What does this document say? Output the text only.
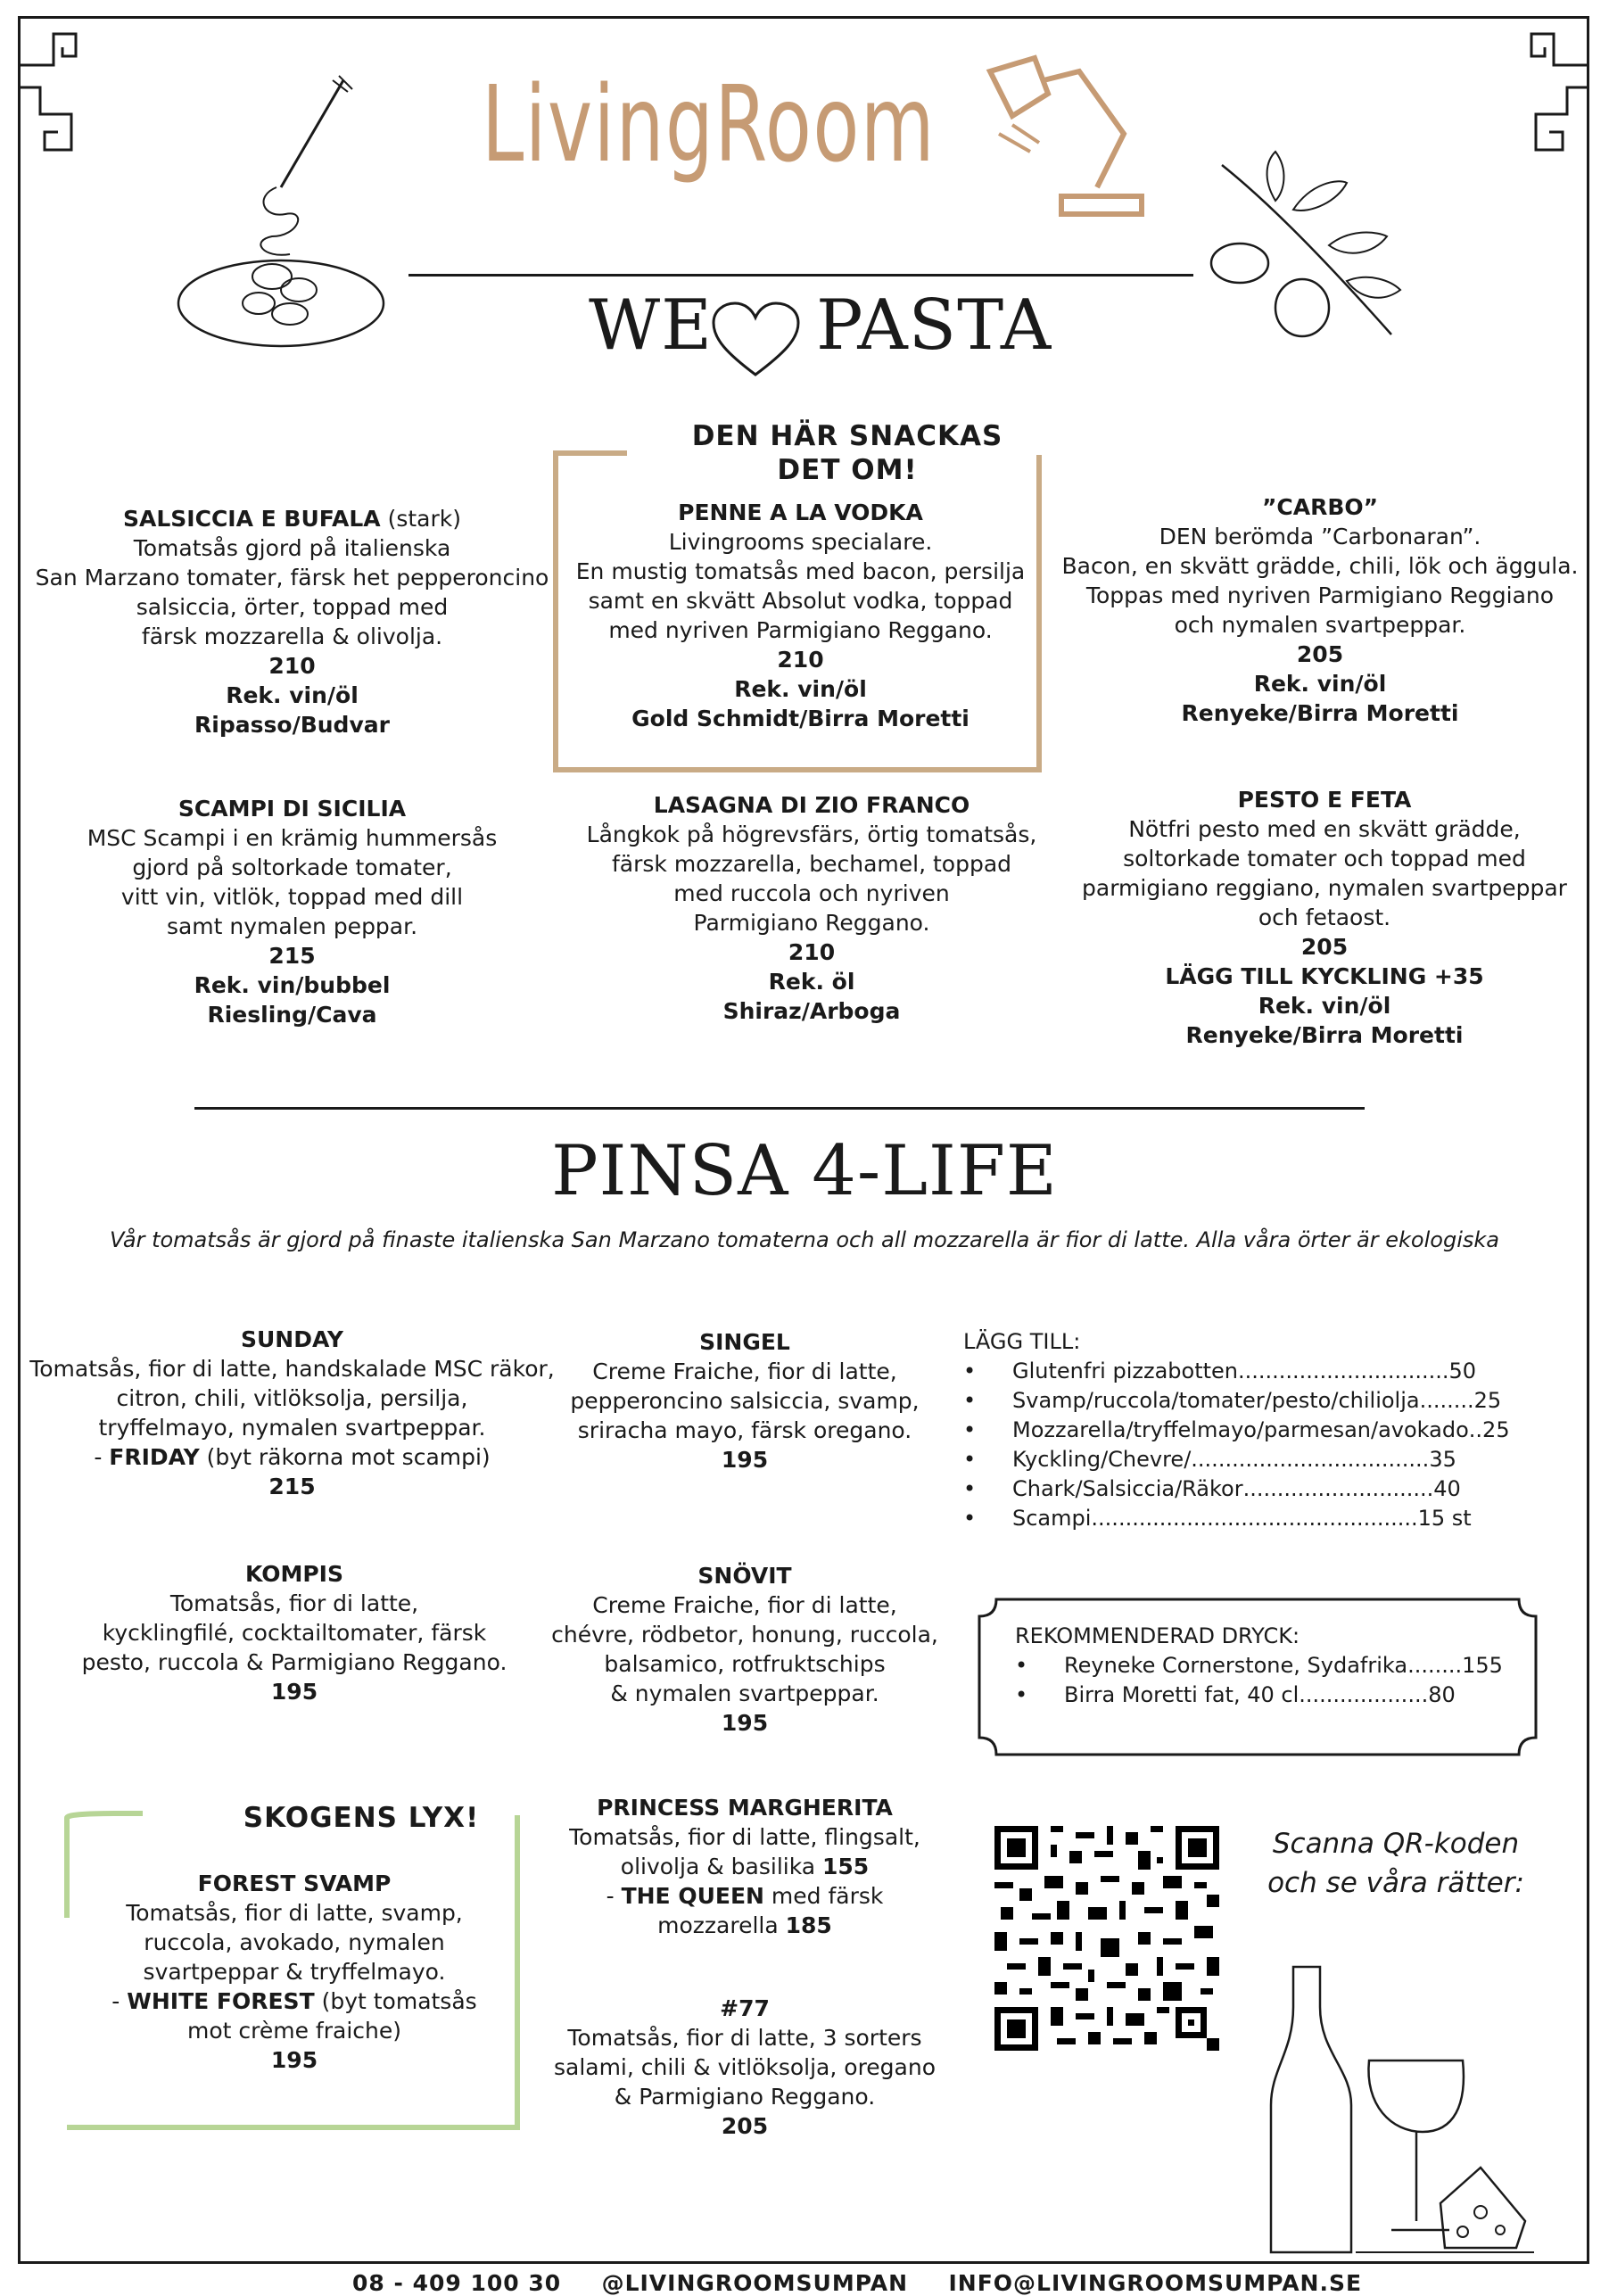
LivingRoom
WE PASTA
DEN HÄR SNACKAS
DET OM!
SALSICCIA E BUFALA (stark)
Tomatsås gjord på italienska
San Marzano tomater, färsk het pepperoncino
salsiccia, örter, toppad med
färsk mozzarella & olivolja.
210
Rek. vin/öl
Ripasso/Budvar
PENNE A LA VODKA
Livingrooms specialare.
En mustig tomatsås med bacon, persilja
samt en skvätt Absolut vodka, toppad
med nyriven Parmigiano Reggano.
210
Rek. vin/öl
Gold Schmidt/Birra Moretti
”CARBO”
DEN berömda ”Carbonaran”.
Bacon, en skvätt grädde, chili, lök och äggula.
Toppas med nyriven Parmigiano Reggiano
och nymalen svartpeppar.
205
Rek. vin/öl
Renyeke/Birra Moretti
SCAMPI DI SICILIA
MSC Scampi i en krämig hummersås
gjord på soltorkade tomater,
vitt vin, vitlök, toppad med dill
samt nymalen peppar.
215
Rek. vin/bubbel
Riesling/Cava
LASAGNA DI ZIO FRANCO
Långkok på högrevsfärs, örtig tomatsås,
färsk mozzarella, bechamel, toppad
med ruccola och nyriven
Parmigiano Reggano.
210
Rek. öl
Shiraz/Arboga
PESTO E FETA
Nötfri pesto med en skvätt grädde,
soltorkade tomater och toppad med
parmigiano reggiano, nymalen svartpeppar
och fetaost.
205
LÄGG TILL KYCKLING +35
Rek. vin/öl
Renyeke/Birra Moretti
PINSA 4-LIFE
Vår tomatsås är gjord på finaste italienska San Marzano tomaterna och all mozzarella är fior di latte. Alla våra örter är ekologiska
SUNDAY
Tomatsås, fior di latte, handskalade MSC räkor,
citron, chili, vitlöksolja, persilja,
tryffelmayo, nymalen svartpeppar.
- FRIDAY (byt räkorna mot scampi)
215
KOMPIS
Tomatsås, fior di latte,
kycklingfilé, cocktailtomater, färsk
pesto, ruccola & Parmigiano Reggano.
195
SKOGENS LYX!
FOREST SVAMP
Tomatsås, fior di latte, svamp,
ruccola, avokado, nymalen
svartpeppar & tryffelmayo.
- WHITE FOREST (byt tomatsås
mot crème fraiche)
195
SINGEL
Creme Fraiche, fior di latte,
pepperoncino salsiccia, svamp,
sriracha mayo, färsk oregano.
195
SNÖVIT
Creme Fraiche, fior di latte,
chévre, rödbetor, honung, ruccola,
balsamico, rotfruktschips
& nymalen svartpeppar.
195
PRINCESS MARGHERITA
Tomatsås, fior di latte, flingsalt,
olivolja & basilika 155
- THE QUEEN med färsk
mozzarella 185
#77
Tomatsås, fior di latte, 3 sorters
salami, chili & vitlöksolja, oregano
& Parmigiano Reggano.
205
LÄGG TILL:
•	Glutenfri pizzabotten ............................... 50
•	Svamp/ruccola/tomater/pesto/chiliolja ........ 25
•	Mozzarella/tryffelmayo/parmesan/avokado .. 25
•	Kyckling/Chevre/ ................................... 35
•	Chark/Salsiccia/Räkor ............................ 40
•	Scampi ................................................ 15 st
REKOMMENDERAD DRYCK:
•	Reyneke Cornerstone, Sydafrika ........ 155
•	Birra Moretti fat, 40 cl ................... 80
Scanna QR-koden
och se våra rätter:
08 - 409 100 30 @LIVINGROOMSUMPAN INFO@LIVINGROOMSUMPAN.SE
